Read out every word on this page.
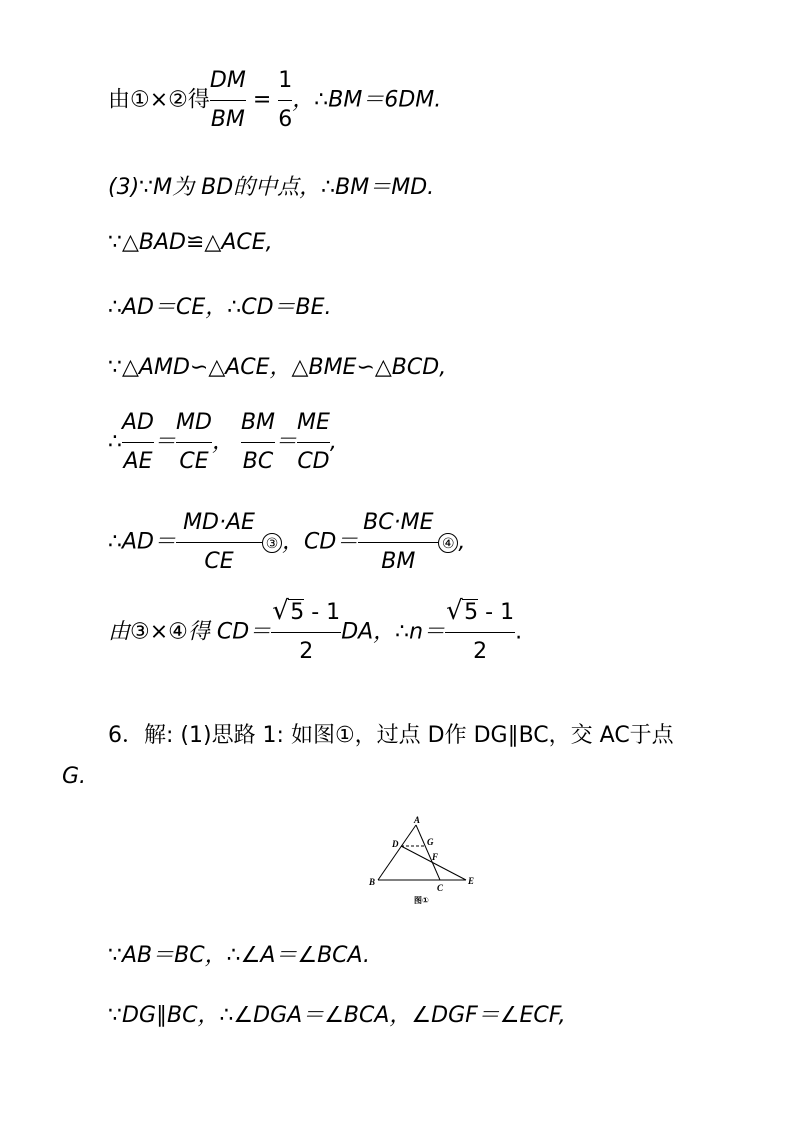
由①×②得 $\frac{DM}{BM} = \frac{1}{6}$ ，∴BM＝6DM.
(3)∵M为 BD的中点，∴BM＝MD.
∵△BAD≌△ACE,
∴AD＝CE，∴CD＝BE.
∵△AMD∽△ACE，△BME∽△BCD,
∴ $\frac{AD}{AE} = \frac{MD}{CE}$ ， $\frac{BM}{BC} = \frac{ME}{CD}$ ,
∴AD＝ $\frac{MD\cdot AE}{CE}$ ③ ，$CD= \frac{BC\cdot ME}{BM}$ ④ ,
由③×④得 $CD= \frac{√ 5 - 1}{2}$ DA，∴n＝ $\frac{√ 5 - 1}{2}$ .
6．解: (1)思路 1: 如图①，过点 D作 DG∥BC，交 AC于点
G.
A
B
C
D
E
F
G
图①
∵AB＝BC，∴∠A＝∠BCA.
∵DG∥BC，∴∠DGA＝∠BCA，∠DGF＝∠ECF,
